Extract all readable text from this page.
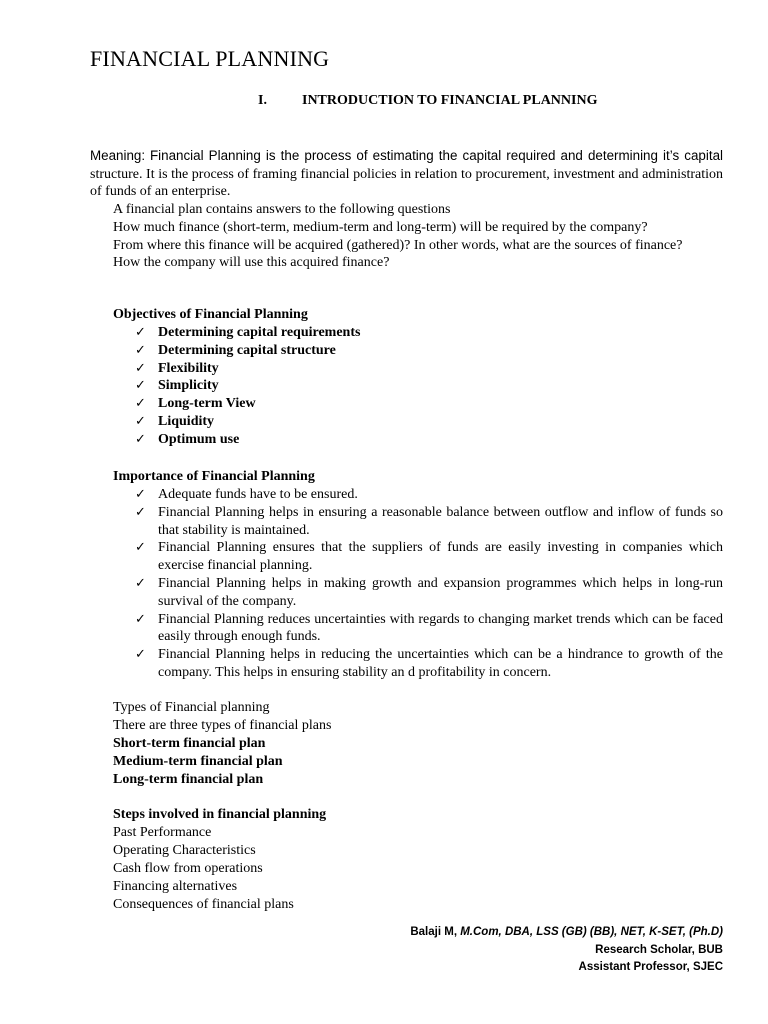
FINANCIAL PLANNING
I.	INTRODUCTION TO FINANCIAL PLANNING
Meaning: Financial Planning is the process of estimating the capital required and determining it’s capital structure. It is the process of framing financial policies in relation to procurement, investment and administration of funds of an enterprise.

A financial plan contains answers to the following questions

How much finance (short-term, medium-term and long-term) will be required by the company?

From where this finance will be acquired (gathered)? In other words, what are the sources of finance?

How the company will use this acquired finance?

Objectives of Financial Planning

✓ Determining capital requirements
✓ Determining capital structure
✓ Flexibility
✓ Simplicity
✓ Long-term View
✓ Liquidity
✓ Optimum use

Importance of Financial Planning

✓ Adequate funds have to be ensured.
✓ Financial Planning helps in ensuring a reasonable balance between outflow and inflow of funds so that stability is maintained.
✓ Financial Planning ensures that the suppliers of funds are easily investing in companies which exercise financial planning.
✓ Financial Planning helps in making growth and expansion programmes which helps in long-run survival of the company.
✓ Financial Planning reduces uncertainties with regards to changing market trends which can be faced easily through enough funds.
✓ Financial Planning helps in reducing the uncertainties which can be a hindrance to growth of the company. This helps in ensuring stability an d profitability in concern.

Types of Financial planning

There are three types of financial plans

Short-term financial plan

Medium-term financial plan

Long-term financial plan

Steps involved in financial planning

Past Performance

Operating Characteristics

Cash flow from operations

Financing alternatives

Consequences of financial plans

Balaji M, M.Com, DBA, LSS (GB) (BB), NET, K-SET, (Ph.D)
Research Scholar, BUB
Assistant Professor, SJEC
